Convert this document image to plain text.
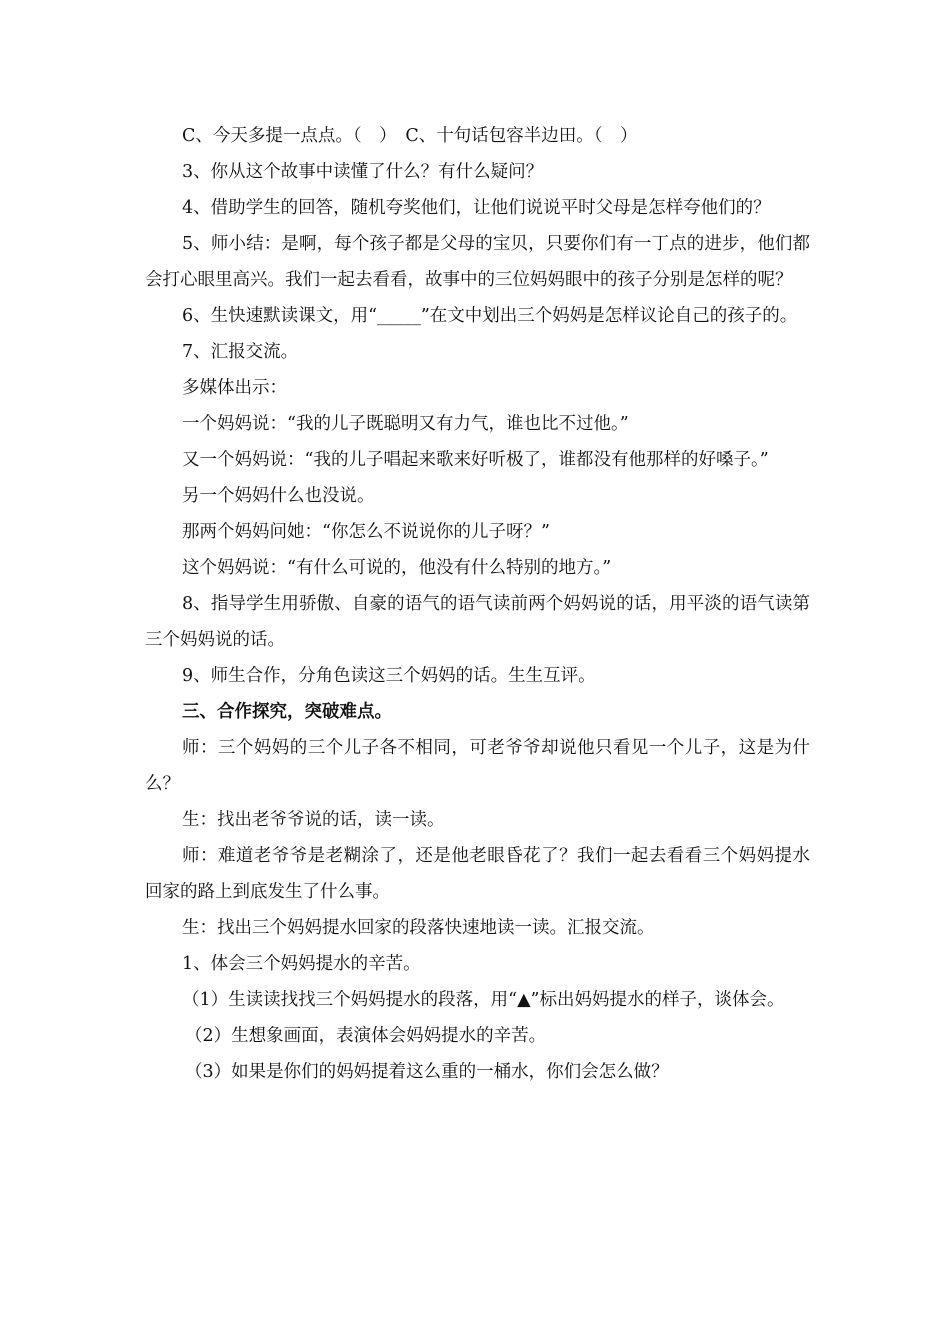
C、今天多提一点点。（　）　C、十句话包容半边田。（　）

3、你从这个故事中读懂了什么？有什么疑问？

4、借助学生的回答，随机夸奖他们，让他们说说平时父母是怎样夸他们的？

5、师小结：是啊，每个孩子都是父母的宝贝，只要你们有一丁点的进步，他们都会打心眼里高兴。我们一起去看看，故事中的三位妈妈眼中的孩子分别是怎样的呢？

6、生快速默读课文，用“_____”在文中划出三个妈妈是怎样议论自己的孩子的。

7、汇报交流。

多媒体出示：

一个妈妈说：“我的儿子既聪明又有力气，谁也比不过他。”

又一个妈妈说：“我的儿子唱起来歌来好听极了，谁都没有他那样的好嗓子。”

另一个妈妈什么也没说。

那两个妈妈问她：“你怎么不说说你的儿子呀？”

这个妈妈说：“有什么可说的，他没有什么特别的地方。”

8、指导学生用骄傲、自豪的语气的语气读前两个妈妈说的话，用平淡的语气读第三个妈妈说的话。

9、师生合作，分角色读这三个妈妈的话。生生互评。

三、合作探究，突破难点。

师：三个妈妈的三个儿子各不相同，可老爷爷却说他只看见一个儿子，这是为什么？

生：找出老爷爷说的话，读一读。

师：难道老爷爷是老糊涂了，还是他老眼昏花了？我们一起去看看三个妈妈提水回家的路上到底发生了什么事。

生：找出三个妈妈提水回家的段落快速地读一读。汇报交流。

1、体会三个妈妈提水的辛苦。

（1）生读读找找三个妈妈提水的段落，用“▲”标出妈妈提水的样子，谈体会。

（2）生想象画面，表演体会妈妈提水的辛苦。

（3）如果是你们的妈妈提着这么重的一桶水，你们会怎么做？
